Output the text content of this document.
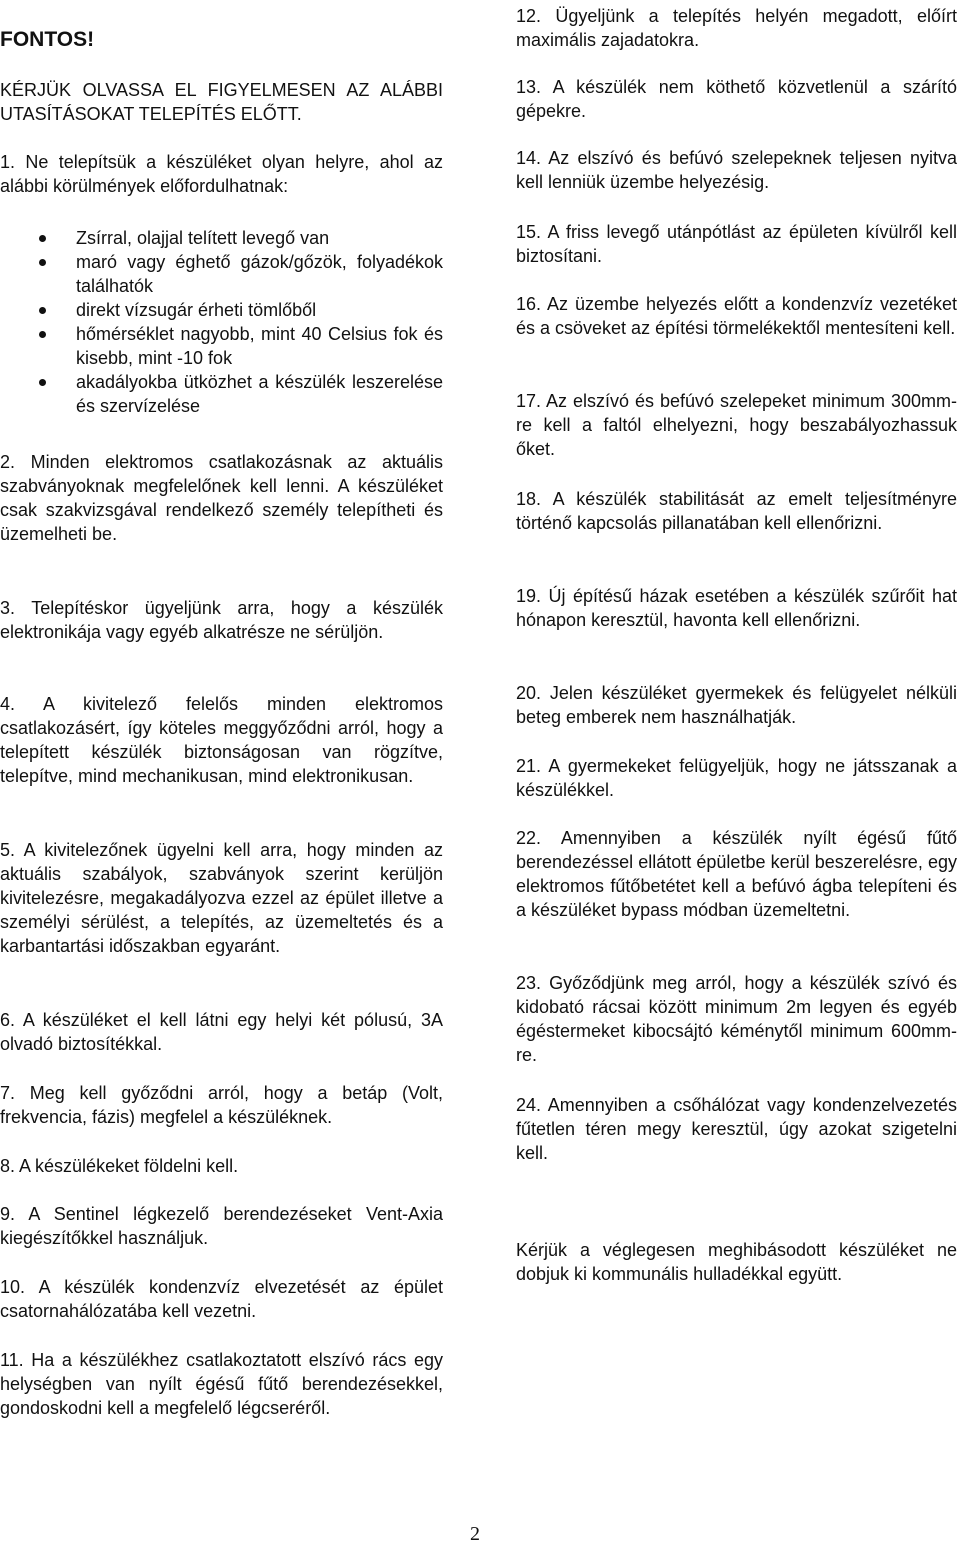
FONTOS!
KÉRJÜK OLVASSA EL FIGYELMESEN AZ ALÁBBI UTASÍTÁSOKAT TELEPÍTÉS ELŐTT.
1. Ne telepítsük a készüléket olyan helyre, ahol az alábbi körülmények előfordulhatnak:
Zsírral, olajjal telített levegő van
maró vagy éghető gázok/gőzök, folyadékok találhatók
direkt vízsugár érheti tömlőből
hőmérséklet nagyobb, mint 40 Celsius fok és kisebb, mint -10 fok
akadályokba ütközhet a készülék leszerelése és szervízelése
2. Minden elektromos csatlakozásnak az aktuális szabványoknak megfelelőnek kell lenni. A készüléket csak szakvizsgával rendelkező személy telepítheti és üzemelheti be.
3. Telepítéskor ügyeljünk arra, hogy a készülék elektronikája vagy egyéb alkatrésze ne sérüljön.
4. A kivitelező felelős minden elektromos csatlakozásért, így köteles meggyőződni arról, hogy a telepített készülék biztonságosan van rögzítve, telepítve, mind mechanikusan, mind elektronikusan.
5. A kivitelezőnek ügyelni kell arra, hogy minden az aktuális szabályok, szabványok szerint kerüljön kivitelezésre, megakadályozva ezzel az épület illetve a személyi sérülést, a telepítés, az üzemeltetés és a karbantartási időszakban egyaránt.
6. A készüléket el kell látni egy helyi két pólusú, 3A olvadó biztosítékkal.
7. Meg kell győződni arról, hogy a betáp (Volt, frekvencia, fázis) megfelel a készüléknek.
8. A készülékeket földelni kell.
9. A Sentinel légkezelő berendezéseket Vent-Axia kiegészítőkkel használjuk.
10. A készülék kondenzvíz elvezetését az épület csatornahálózatába kell vezetni.
11. Ha a készülékhez csatlakoztatott elszívó rács egy helységben van nyílt égésű fűtő berendezésekkel, gondoskodni kell a megfelelő légcseréről.
12. Ügyeljünk a telepítés helyén megadott, előírt maximális zajadatokra.
13. A készülék nem köthető közvetlenül a szárító gépekre.
14. Az elszívó és befúvó szelepeknek teljesen nyitva kell lenniük üzembe helyezésig.
15. A friss levegő utánpótlást az épületen kívülről kell biztosítani.
16. Az üzembe helyezés előtt a kondenzvíz vezetéket és a csöveket az építési törmelékektől mentesíteni kell.
17. Az elszívó és befúvó szelepeket minimum 300mm-re kell a faltól elhelyezni, hogy beszabályozhassuk őket.
18. A készülék stabilitását az emelt teljesítményre történő kapcsolás pillanatában kell ellenőrizni.
19. Új építésű házak esetében a készülék szűrőit hat hónapon keresztül, havonta kell ellenőrizni.
20. Jelen készüléket gyermekek és felügyelet nélküli beteg emberek nem használhatják.
21. A gyermekeket felügyeljük, hogy ne játsszanak a készülékkel.
22. Amennyiben a készülék nyílt égésű fűtő berendezéssel ellátott épületbe kerül beszerelésre, egy elektromos fűtőbetétet kell a befúvó ágba telepíteni és a készüléket bypass módban üzemeltetni.
23. Győződjünk meg arról, hogy a készülék szívó és kidobató rácsai között minimum 2m legyen és egyéb égéstermeket kibocsájtó kéménytől minimum 600mm-re.
24. Amennyiben a csőhálózat vagy kondenzelvezetés fűtetlen téren megy keresztül, úgy azokat szigetelni kell.
Kérjük a véglegesen meghibásodott készüléket ne dobjuk ki kommunális hulladékkal együtt.
2
